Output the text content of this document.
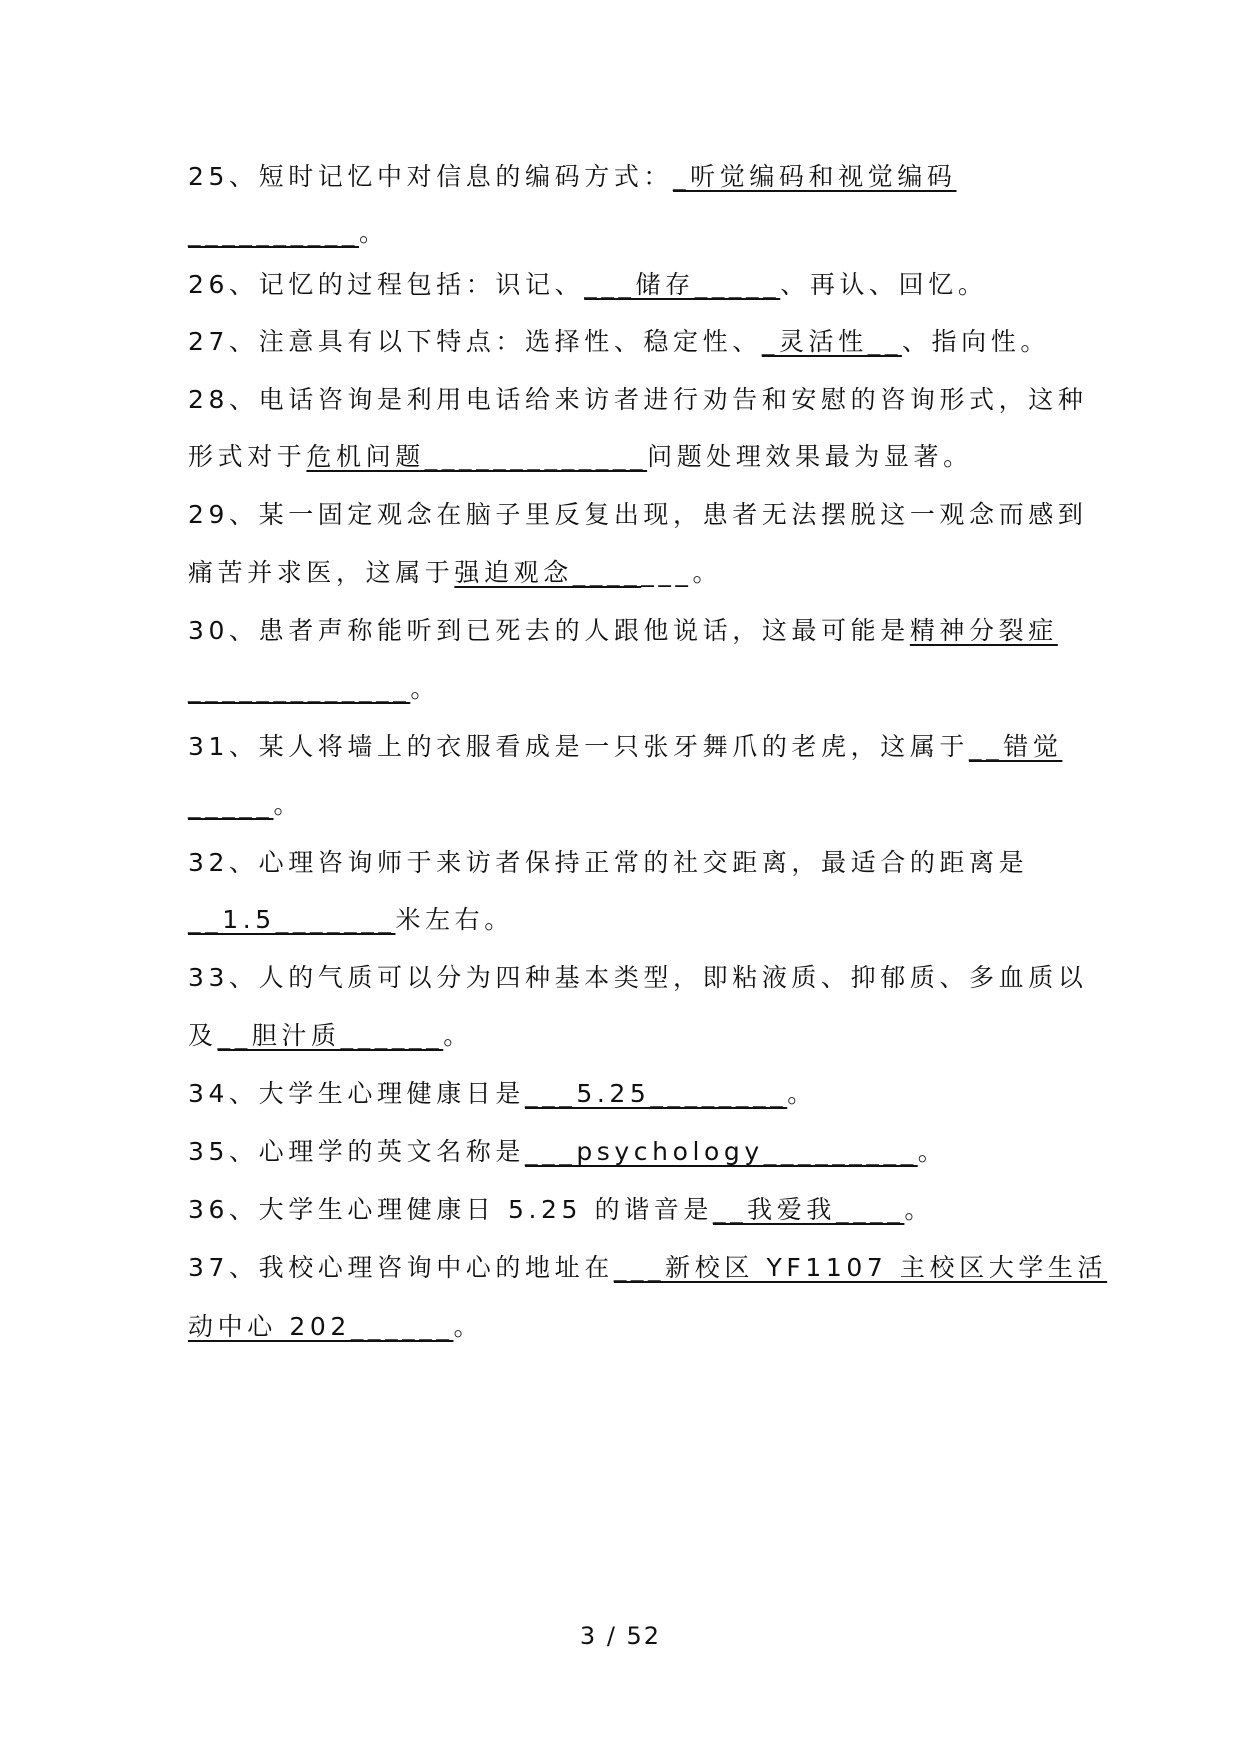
25、短时记忆中对信息的编码方式：_听觉编码和视觉编码
__________。
26、记忆的过程包括：识记、___储存_____、再认、回忆。
27、注意具有以下特点：选择性、稳定性、_灵活性__、指向性。
28、电话咨询是利用电话给来访者进行劝告和安慰的咨询形式，这种
形式对于危机问题_____________问题处理效果最为显著。
29、某一固定观念在脑子里反复出现，患者无法摆脱这一观念而感到
痛苦并求医，这属于强迫观念_______。
30、患者声称能听到已死去的人跟他说话，这最可能是精神分裂症
_____________。
31、某人将墙上的衣服看成是一只张牙舞爪的老虎，这属于__错觉
_____。
32、心理咨询师于来访者保持正常的社交距离，最适合的距离是
__1.5_______米左右。
33、人的气质可以分为四种基本类型，即粘液质、抑郁质、多血质以
及__胆汁质______。
34、大学生心理健康日是___5.25________。
35、心理学的英文名称是___psychology_________。
36、大学生心理健康日 5.25 的谐音是__我爱我____。
37、我校心理咨询中心的地址在___新校区 YF1107 主校区大学生活
动中心 202______。
3 / 52
